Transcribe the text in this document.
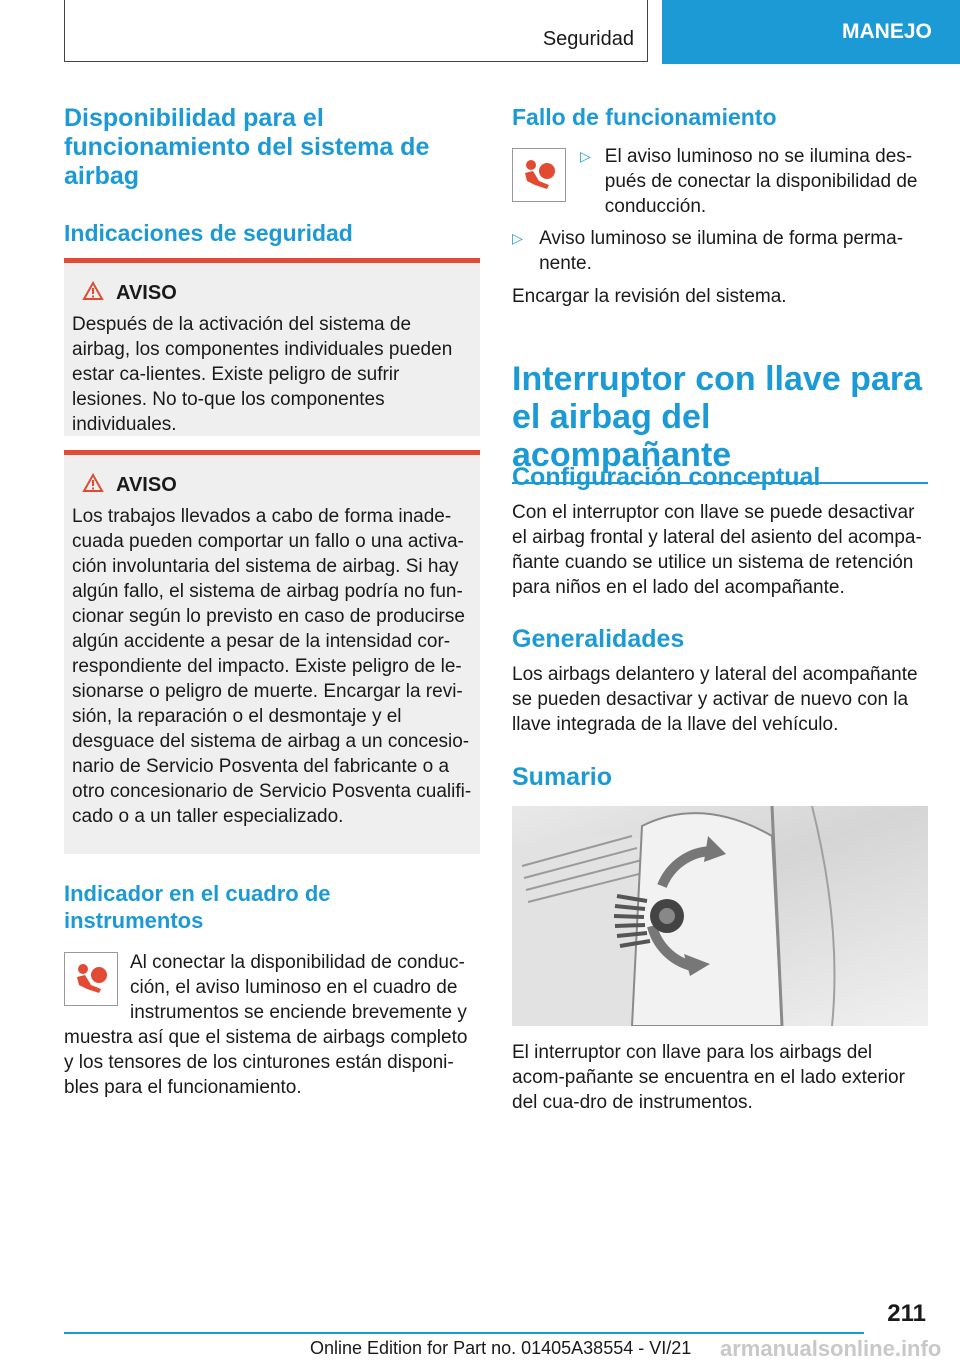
Seguridad	MANEJO
Disponibilidad para el funcionamiento del sistema de airbag
Indicaciones de seguridad
AVISO

Después de la activación del sistema de airbag, los componentes individuales pueden estar ca-lientes. Existe peligro de sufrir lesiones. No to-que los componentes individuales.

AVISO

Los trabajos llevados a cabo de forma inade-cuada pueden comportar un fallo o una activa-ción involuntaria del sistema de airbag. Si hay algún fallo, el sistema de airbag podría no fun-cionar según lo previsto en caso de producirse algún accidente a pesar de la intensidad cor-respondiente del impacto. Existe peligro de le-sionarse o peligro de muerte. Encargar la revi-sión, la reparación o el desmontaje y el desguace del sistema de airbag a un concesio-nario de Servicio Posventa del fabricante o a otro concesionario de Servicio Posventa cualifi-cado o a un taller especializado.

Indicador en el cuadro de instrumentos

Al conectar la disponibilidad de conduc-ción, el aviso luminoso en el cuadro de instrumentos se enciende brevemente y muestra así que el sistema de airbags completo y los tensores de los cinturones están disponi-bles para el funcionamiento.

Fallo de funcionamiento
▷ El aviso luminoso no se ilumina des-pués de conectar la disponibilidad de conducción.

▷ Aviso luminoso se ilumina de forma perma-nente.

Encargar la revisión del sistema.

Interruptor con llave para el airbag del acompañante
Configuración conceptual

Con el interruptor con llave se puede desactivar el airbag frontal y lateral del asiento del acompa-ñante cuando se utilice un sistema de retención para niños en el lado del acompañante.

Generalidades

Los airbags delantero y lateral del acompañante se pueden desactivar y activar de nuevo con la llave integrada de la llave del vehículo.

Sumario

El interruptor con llave para los airbags del acom-pañante se encuentra en el lado exterior del cua-dro de instrumentos.

211
Online Edition for Part no. 01405A38554 - VI/21 armanualsonline.info
